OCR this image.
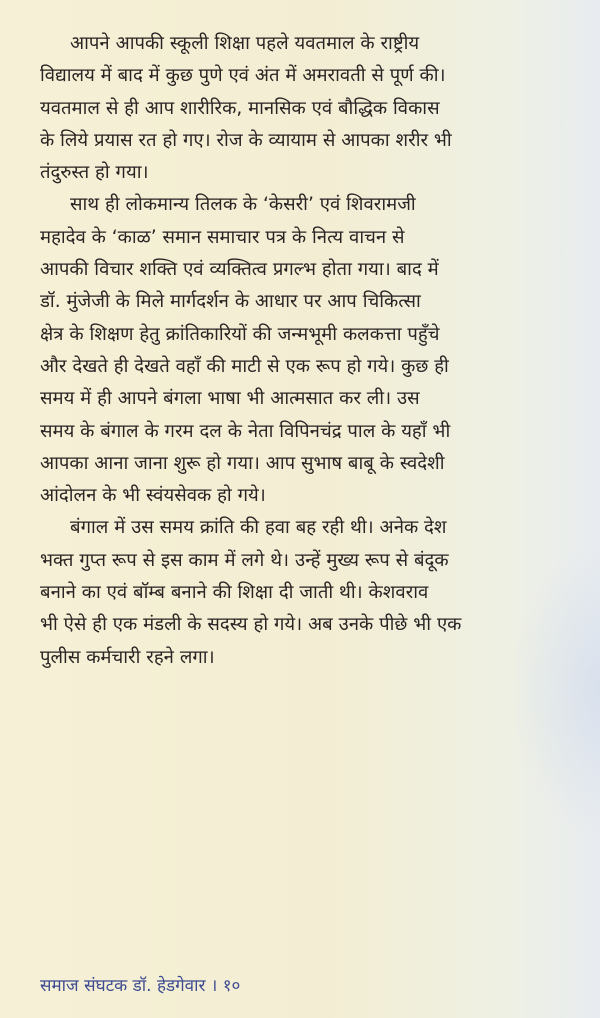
आपने आपकी स्कूली शिक्षा पहले यवतमाल के राष्ट्रीय
विद्यालय में बाद में कुछ पुणे एवं अंत में अमरावती से पूर्ण की।
यवतमाल से ही आप शारीरिक, मानसिक एवं बौद्धिक विकास
के लिये प्रयास रत हो गए। रोज के व्यायाम से आपका शरीर भी
तंदुरुस्त हो गया।
साथ ही लोकमान्य तिलक के ‘केसरी’ एवं शिवरामजी
महादेव के ‘काळ’ समान समाचार पत्र के नित्य वाचन से
आपकी विचार शक्ति एवं व्यक्तित्व प्रगल्भ होता गया। बाद में
डॉ. मुंजेजी के मिले मार्गदर्शन के आधार पर आप चिकित्सा
क्षेत्र के शिक्षण हेतु क्रांतिकारियों की जन्मभूमी कलकत्ता पहुँचे
और देखते ही देखते वहाँ की माटी से एक रूप हो गये। कुछ ही
समय में ही आपने बंगला भाषा भी आत्मसात कर ली। उस
समय के बंगाल के गरम दल के नेता विपिनचंद्र पाल के यहाँ भी
आपका आना जाना शुरू हो गया। आप सुभाष बाबू के स्वदेशी
आंदोलन के भी स्वंयसेवक हो गये।
बंगाल में उस समय क्रांति की हवा बह रही थी। अनेक देश
भक्त गुप्त रूप से इस काम में लगे थे। उन्हें मुख्य रूप से बंदूक
बनाने का एवं बॉम्ब बनाने की शिक्षा दी जाती थी। केशवराव
भी ऐसे ही एक मंडली के सदस्य हो गये। अब उनके पीछे भी एक
पुलीस कर्मचारी रहने लगा।
समाज संघटक डॉ. हेडगेवार । १०
